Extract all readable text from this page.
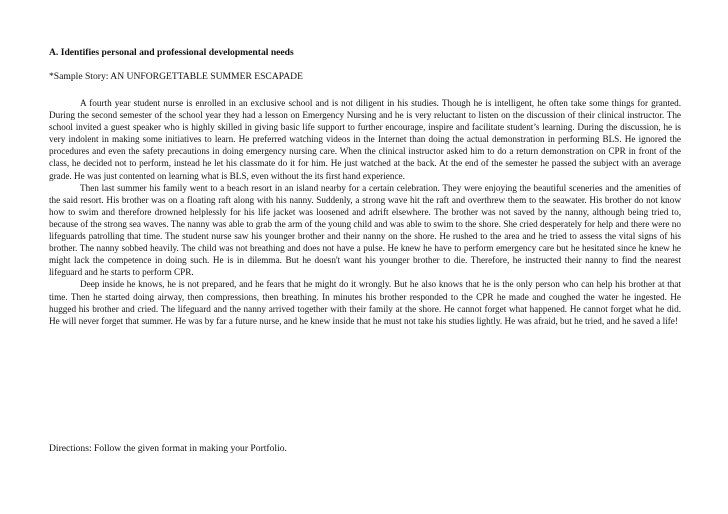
A. Identifies personal and professional developmental needs
*Sample Story: AN UNFORGETTABLE SUMMER ESCAPADE

A fourth year student nurse is enrolled in an exclusive school and is not diligent in his studies. Though he is intelligent, he often take some things for granted. During the second semester of the school year they had a lesson on Emergency Nursing and he is very reluctant to listen on the discussion of their clinical instructor. The school invited a guest speaker who is highly skilled in giving basic life support to further encourage, inspire and facilitate student’s learning. During the discussion, he is very indolent in making some initiatives to learn. He preferred watching videos in the Internet than doing the actual demonstration in performing BLS. He ignored the procedures and even the safety precautions in doing emergency nursing care. When the clinical instructor asked him to do a return demonstration on CPR in front of the class, he decided not to perform, instead he let his classmate do it for him. He just watched at the back. At the end of the semester he passed the subject with an average grade. He was just contented on learning what is BLS, even without the its first hand experience.

Then last summer his family went to a beach resort in an island nearby for a certain celebration. They were enjoying the beautiful sceneries and the amenities of the said resort. His brother was on a floating raft along with his nanny. Suddenly, a strong wave hit the raft and overthrew them to the seawater. His brother do not know how to swim and therefore drowned helplessly for his life jacket was loosened and adrift elsewhere. The brother was not saved by the nanny, although being tried to, because of the strong sea waves. The nanny was able to grab the arm of the young child and was able to swim to the shore. She cried desperately for help and there were no lifeguards patrolling that time. The student nurse saw his younger brother and their nanny on the shore. He rushed to the area and he tried to assess the vital signs of his brother. The nanny sobbed heavily. The child was not breathing and does not have a pulse. He knew he have to perform emergency care but he hesitated since he knew he might lack the competence in doing such. He is in dilemma. But he doesn't want his younger brother to die. Therefore, he instructed their nanny to find the nearest lifeguard and he starts to perform CPR.

Deep inside he knows, he is not prepared, and he fears that he might do it wrongly. But he also knows that he is the only person who can help his brother at that time. Then he started doing airway, then compressions, then breathing. In minutes his brother responded to the CPR he made and coughed the water he ingested. He hugged his brother and cried. The lifeguard and the nanny arrived together with their family at the shore. He cannot forget what happened. He cannot forget what he did. He will never forget that summer. He was by far a future nurse, and he knew inside that he must not take his studies lightly. He was afraid, but he tried, and he saved a life!

Directions: Follow the given format in making your Portfolio.
